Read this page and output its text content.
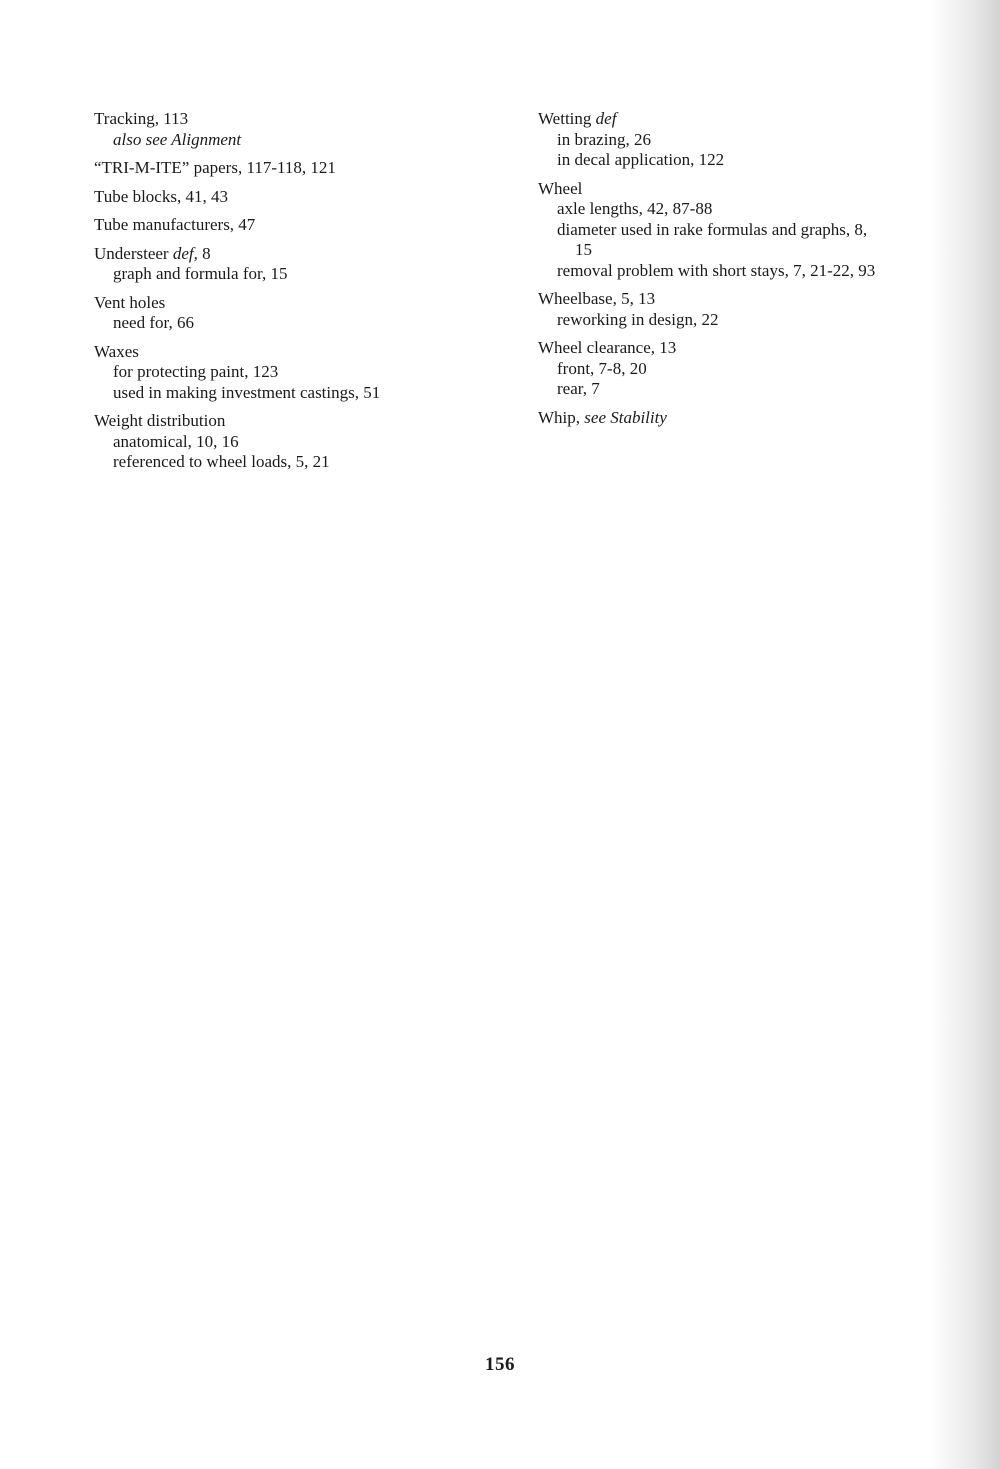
Tracking, 113
also see Alignment
“TRI-M-ITE” papers, 117-118, 121
Tube blocks, 41, 43
Tube manufacturers, 47
Understeer def, 8
graph and formula for, 15
Vent holes
need for, 66
Waxes
for protecting paint, 123
used in making investment castings, 51
Weight distribution
anatomical, 10, 16
referenced to wheel loads, 5, 21
Wetting def
in brazing, 26
in decal application, 122
Wheel
axle lengths, 42, 87-88
diameter used in rake formulas and graphs, 8,
15
removal problem with short stays, 7, 21-22, 93
Wheelbase, 5, 13
reworking in design, 22
Wheel clearance, 13
front, 7-8, 20
rear, 7
Whip, see Stability
156
